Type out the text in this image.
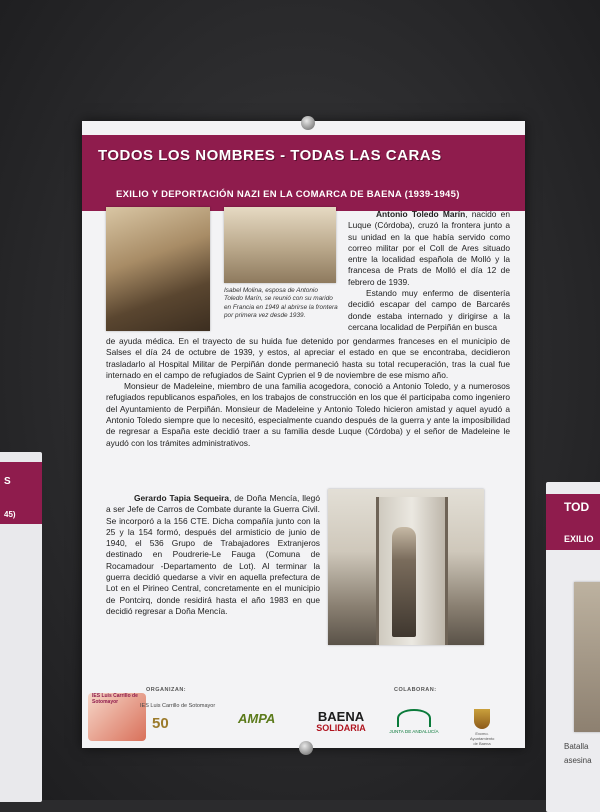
S
45)
TOD
EXILIO
Batalla
asesina
TODOS LOS NOMBRES - TODAS LAS CARAS
EXILIO Y DEPORTACIÓN NAZI EN LA COMARCA DE BAENA (1939-1945)
Isabel Molina, esposa de Antonio Toledo Marín, se reunió con su marido en Francia en 1949 al abrirse la frontera por primera vez desde 1939.

Antonio Toledo Marín, nacido en Luque (Córdoba), cruzó la frontera junto a su unidad en la que había servido como correo militar por el Coll de Ares situado entre la localidad española de Molló y la francesa de Prats de Molló el día 12 de febrero de 1939.

Estando muy enfermo de disentería decidió escapar del campo de Barcarés donde estaba internado y dirigirse a la cercana localidad de Perpiñán en busca

de ayuda médica. En el trayecto de su huida fue detenido por gendarmes franceses en el municipio de Salses el día 24 de octubre de 1939, y estos, al apreciar el estado en que se encontraba, decidieron trasladarlo al Hospital Militar de Perpiñán donde permaneció hasta su total recuperación, tras la cual fue internado en el campo de refugiados de Saint Cyprien el 9 de noviembre de ese mismo año.

Monsieur de Madeleine, miembro de una familia acogedora, conoció a Antonio Toledo, y a numerosos refugiados republicanos españoles, en los trabajos de construcción en los que él participaba como ingeniero del Ayuntamiento de Perpiñán. Monsieur de Madeleine y Antonio Toledo hicieron amistad y aquel ayudó a Antonio Toledo siempre que lo necesitó, especialmente cuando después de la guerra y ante la imposibilidad de regresar a España este decidió traer a su familia desde Luque (Córdoba) y el señor de Madeleine le ayudó con los trámites administrativos.

Gerardo Tapia Sequeira, de Doña Mencía, llegó a ser Jefe de Carros de Combate durante la Guerra Civil. Se incorporó a la 156 CTE. Dicha compañía junto con la 25 y la 154 formó, después del armisticio de junio de 1940, el 536 Grupo de Trabajadores Extranjeros destinado en Poudrerie-Le Fauga (Comuna de Rocamadour -Departamento de Lot). Al terminar la guerra decidió quedarse a vivir en aquella prefectura de Lot en el Pirineo Central, concretamente en el municipio de Pontcirq, donde residirá hasta el año 1983 en que decidió regresar a Doña Mencía.

ORGANIZAN:	COLABORAN:
IES Luis Carrillo de Sotomayor
IES Luis Carrillo de Sotomayor
50	AMPA	BAENA
SOLIDARIA	JUNTA DE ANDALUCÍA	Excmo. Ayuntamiento de Baena
